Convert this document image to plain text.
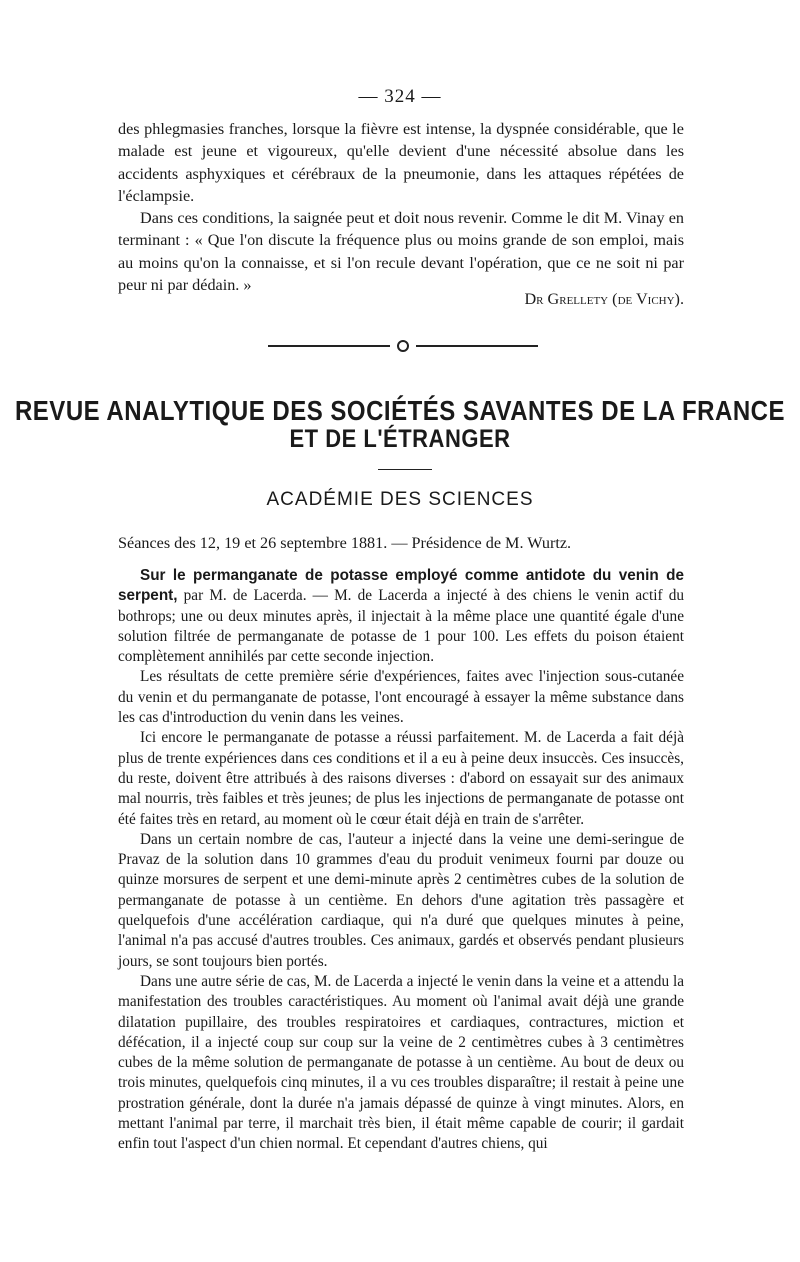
— 324 —

des phlegmasies franches, lorsque la fièvre est intense, la dyspnée considérable, que le malade est jeune et vigoureux, qu'elle devient d'une nécessité absolue dans les accidents asphyxiques et cérébraux de la pneumonie, dans les attaques répétées de l'éclampsie.

Dans ces conditions, la saignée peut et doit nous revenir. Comme le dit M. Vinay en terminant : « Que l'on discute la fréquence plus ou moins grande de son emploi, mais au moins qu'on la connaisse, et si l'on recule devant l'opération, que ce ne soit ni par peur ni par dédain. »

Dr Grellety (de Vichy).
REVUE ANALYTIQUE DES SOCIÉTÉS SAVANTES DE LA FRANCE
ET DE L'ÉTRANGER
ACADÉMIE DES SCIENCES

Séances des 12, 19 et 26 septembre 1881. — Présidence de M. Wurtz.

Sur le permanganate de potasse employé comme antidote du venin de serpent, par M. de Lacerda. — M. de Lacerda a injecté à des chiens le venin actif du bothrops; une ou deux minutes après, il injectait à la même place une quantité égale d'une solution filtrée de permanganate de potasse de 1 pour 100. Les effets du poison étaient complètement annihilés par cette seconde injection.

Les résultats de cette première série d'expériences, faites avec l'injection sous-cutanée du venin et du permanganate de potasse, l'ont encouragé à essayer la même substance dans les cas d'introduction du venin dans les veines.

Ici encore le permanganate de potasse a réussi parfaitement. M. de Lacerda a fait déjà plus de trente expériences dans ces conditions et il a eu à peine deux insuccès. Ces insuccès, du reste, doivent être attribués à des raisons diverses : d'abord on essayait sur des animaux mal nourris, très faibles et très jeunes; de plus les injections de permanganate de potasse ont été faites très en retard, au moment où le cœur était déjà en train de s'arrêter.

Dans un certain nombre de cas, l'auteur a injecté dans la veine une demi-seringue de Pravaz de la solution dans 10 grammes d'eau du produit venimeux fourni par douze ou quinze morsures de serpent et une demi-minute après 2 centimètres cubes de la solution de permanganate de potasse à un centième. En dehors d'une agitation très passagère et quelquefois d'une accélération cardiaque, qui n'a duré que quelques minutes à peine, l'animal n'a pas accusé d'autres troubles. Ces animaux, gardés et observés pendant plusieurs jours, se sont toujours bien portés.

Dans une autre série de cas, M. de Lacerda a injecté le venin dans la veine et a attendu la manifestation des troubles caractéristiques. Au moment où l'animal avait déjà une grande dilatation pupillaire, des troubles respiratoires et cardiaques, contractures, miction et défécation, il a injecté coup sur coup sur la veine de 2 centimètres cubes à 3 centimètres cubes de la même solution de permanganate de potasse à un centième. Au bout de deux ou trois minutes, quelquefois cinq minutes, il a vu ces troubles disparaître; il restait à peine une prostration générale, dont la durée n'a jamais dépassé de quinze à vingt minutes. Alors, en mettant l'animal par terre, il marchait très bien, il était même capable de courir; il gardait enfin tout l'aspect d'un chien normal. Et cependant d'autres chiens, qui
